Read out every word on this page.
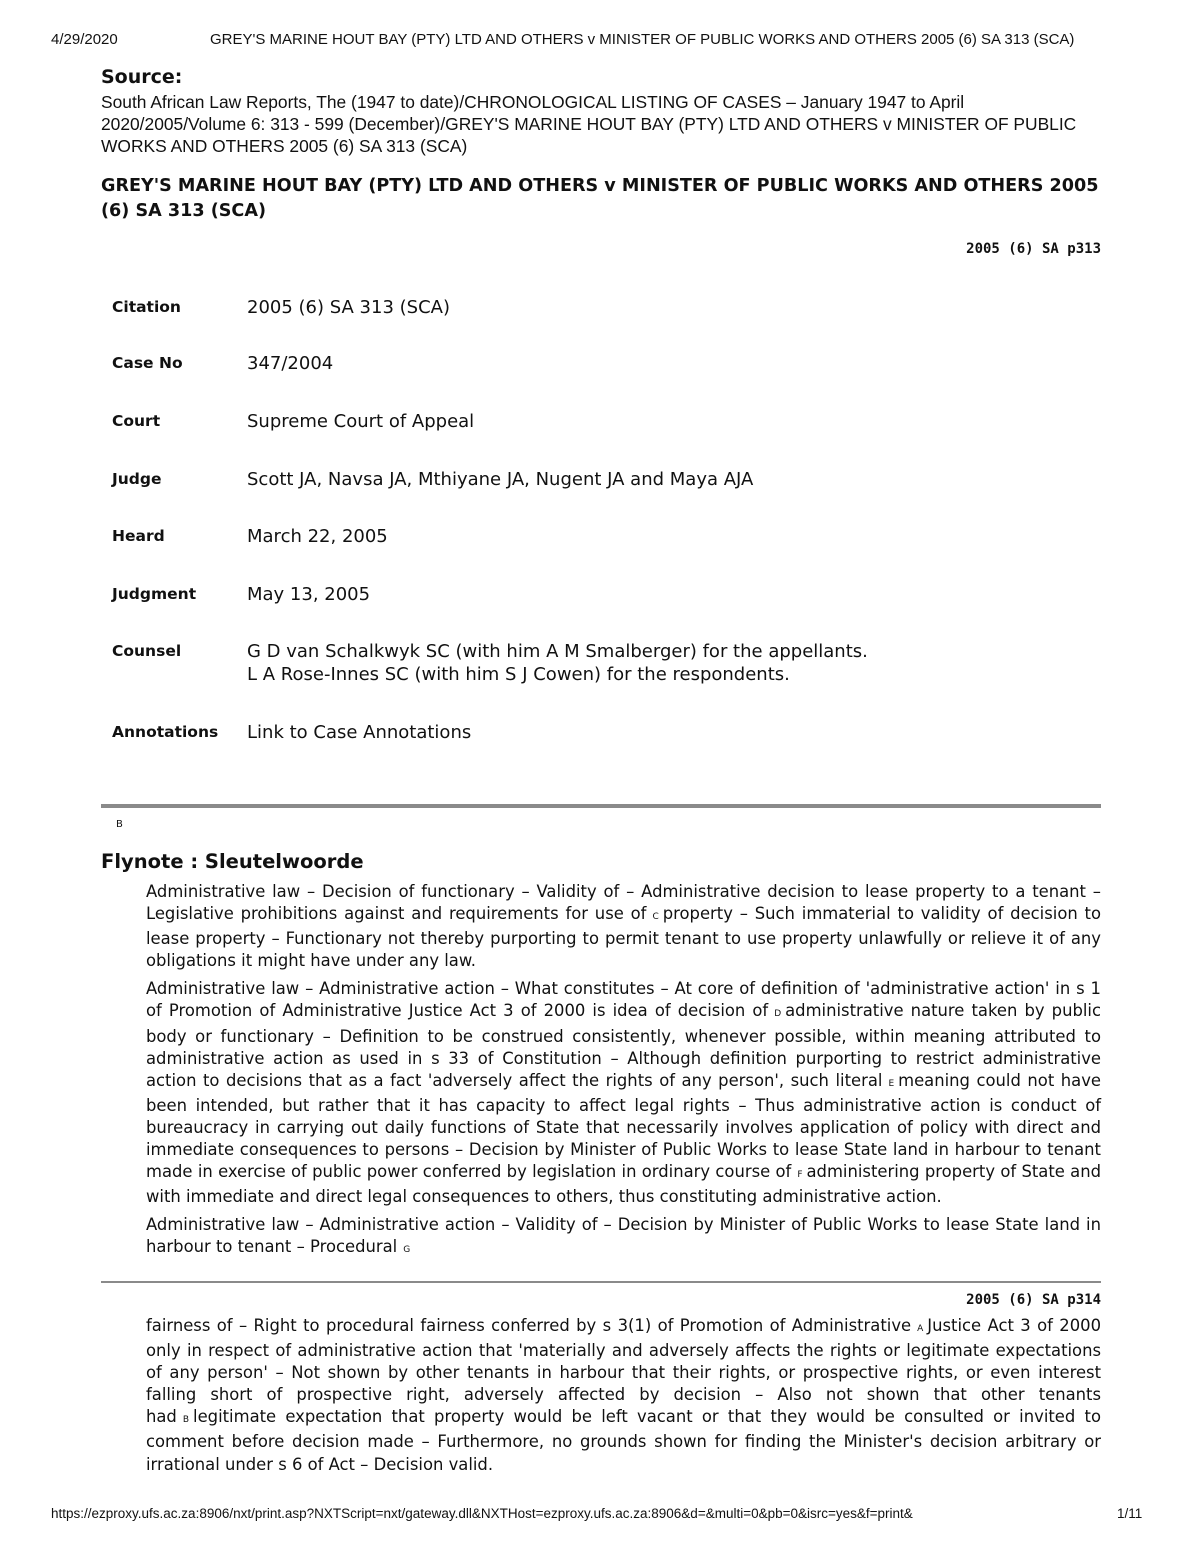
4/29/2020	GREY'S MARINE HOUT BAY (PTY) LTD AND OTHERS v MINISTER OF PUBLIC WORKS AND OTHERS 2005 (6) SA 313 (SCA)
Source:
South African Law Reports, The (1947 to date)/CHRONOLOGICAL LISTING OF CASES – January 1947 to April 2020/2005/Volume 6: 313 - 599 (December)/GREY'S MARINE HOUT BAY (PTY) LTD AND OTHERS v MINISTER OF PUBLIC WORKS AND OTHERS 2005 (6) SA 313 (SCA)
GREY'S MARINE HOUT BAY (PTY) LTD AND OTHERS v MINISTER OF PUBLIC WORKS AND OTHERS 2005 (6) SA 313 (SCA)
2005 (6) SA p313
Citation	2005 (6) SA 313 (SCA)
Case No	347/2004
Court	Supreme Court of Appeal
Judge	Scott JA, Navsa JA, Mthiyane JA, Nugent JA and Maya AJA
Heard	March 22, 2005
Judgment	May 13, 2005
Counsel	G D van Schalkwyk SC (with him A M Smalberger) for the appellants.
L A Rose-Innes SC (with him S J Cowen) for the respondents.
Annotations	Link to Case Annotations
B
Flynote : Sleutelwoorde

Administrative law – Decision of functionary – Validity of – Administrative decision to lease property to a tenant – Legislative prohibitions against and requirements for use of C property – Such immaterial to validity of decision to lease property – Functionary not thereby purporting to permit tenant to use property unlawfully or relieve it of any obligations it might have under any law.

Administrative law – Administrative action – What constitutes – At core of definition of 'administrative action' in s 1 of Promotion of Administrative Justice Act 3 of 2000 is idea of decision of D administrative nature taken by public body or functionary – Definition to be construed consistently, whenever possible, within meaning attributed to administrative action as used in s 33 of Constitution – Although definition purporting to restrict administrative action to decisions that as a fact 'adversely affect the rights of any person', such literal E meaning could not have been intended, but rather that it has capacity to affect legal rights – Thus administrative action is conduct of bureaucracy in carrying out daily functions of State that necessarily involves application of policy with direct and immediate consequences to persons – Decision by Minister of Public Works to lease State land in harbour to tenant made in exercise of public power conferred by legislation in ordinary course of F administering property of State and with immediate and direct legal consequences to others, thus constituting administrative action.

Administrative law – Administrative action – Validity of – Decision by Minister of Public Works to lease State land in harbour to tenant – Procedural G

2005 (6) SA p314

fairness of – Right to procedural fairness conferred by s 3(1) of Promotion of Administrative A Justice Act 3 of 2000 only in respect of administrative action that 'materially and adversely affects the rights or legitimate expectations of any person' – Not shown by other tenants in harbour that their rights, or prospective rights, or even interest falling short of prospective right, adversely affected by decision – Also not shown that other tenants had B legitimate expectation that property would be left vacant or that they would be consulted or invited to comment before decision made – Furthermore, no grounds shown for finding the Minister's decision arbitrary or irrational under s 6 of Act – Decision valid.

https://ezproxy.ufs.ac.za:8906/nxt/print.asp?NXTScript=nxt/gateway.dll&NXTHost=ezproxy.ufs.ac.za:8906&d=&multi=0&pb=0&isrc=yes&f=print&	1/11
